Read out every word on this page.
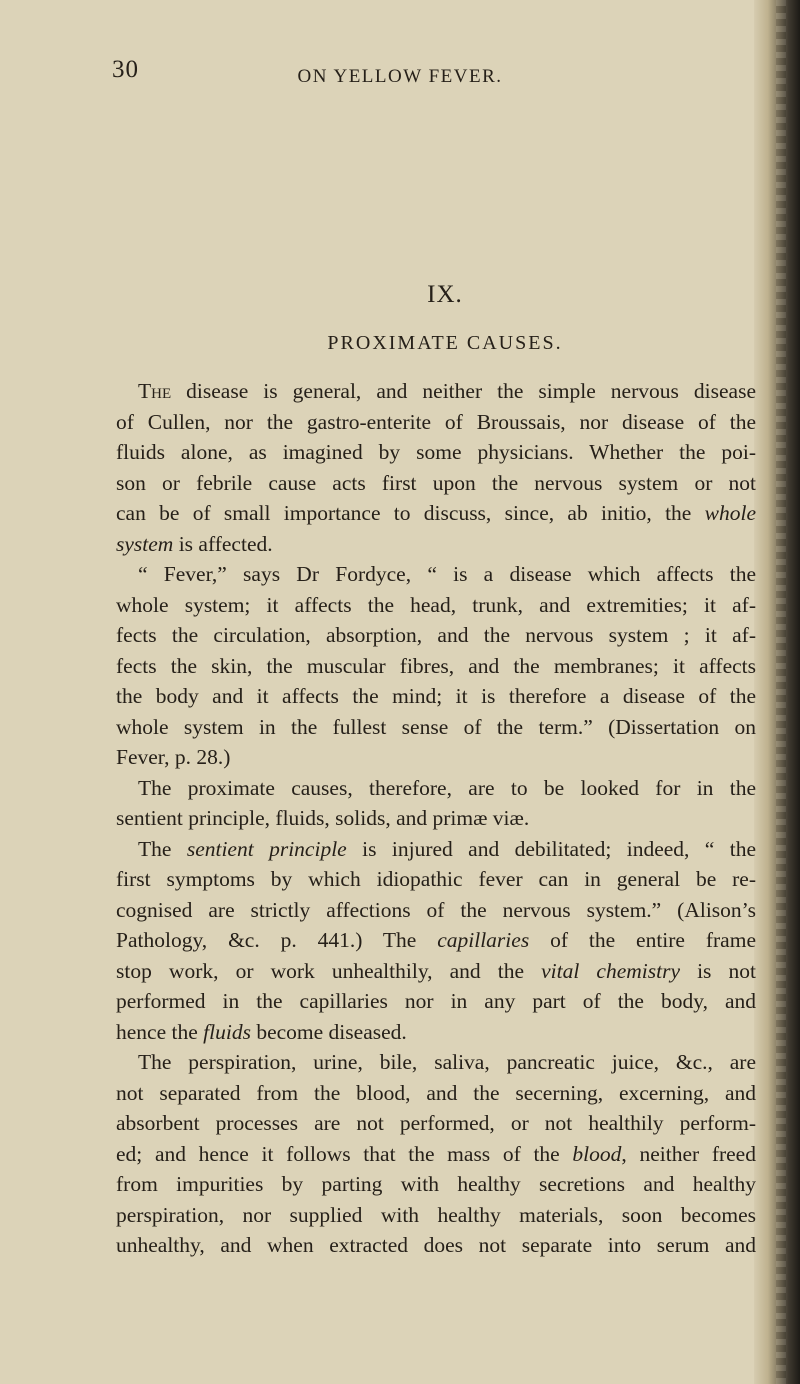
30	ON YELLOW FEVER.
IX.
PROXIMATE CAUSES.
The disease is general, and neither the simple nervous disease
of Cullen, nor the gastro-enterite of Broussais, nor disease of the
fluids alone, as imagined by some physicians. Whether the poi-
son or febrile cause acts first upon the nervous system or not
can be of small importance to discuss, since, ab initio, the whole
system is affected.
“ Fever,” says Dr Fordyce, “ is a disease which affects the
whole system; it affects the head, trunk, and extremities; it af-
fects the circulation, absorption, and the nervous system ; it af-
fects the skin, the muscular fibres, and the membranes; it affects
the body and it affects the mind; it is therefore a disease of the
whole system in the fullest sense of the term.” (Dissertation on
Fever, p. 28.)
The proximate causes, therefore, are to be looked for in the
sentient principle, fluids, solids, and primæ viæ.
The sentient principle is injured and debilitated; indeed, “ the
first symptoms by which idiopathic fever can in general be re-
cognised are strictly affections of the nervous system.” (Alison’s
Pathology, &c. p. 441.) The capillaries of the entire frame
stop work, or work unhealthily, and the vital chemistry is not
performed in the capillaries nor in any part of the body, and
hence the fluids become diseased.
The perspiration, urine, bile, saliva, pancreatic juice, &c., are
not separated from the blood, and the secerning, excerning, and
absorbent processes are not performed, or not healthily perform-
ed; and hence it follows that the mass of the blood, neither freed
from impurities by parting with healthy secretions and healthy
perspiration, nor supplied with healthy materials, soon becomes
unhealthy, and when extracted does not separate into serum and
